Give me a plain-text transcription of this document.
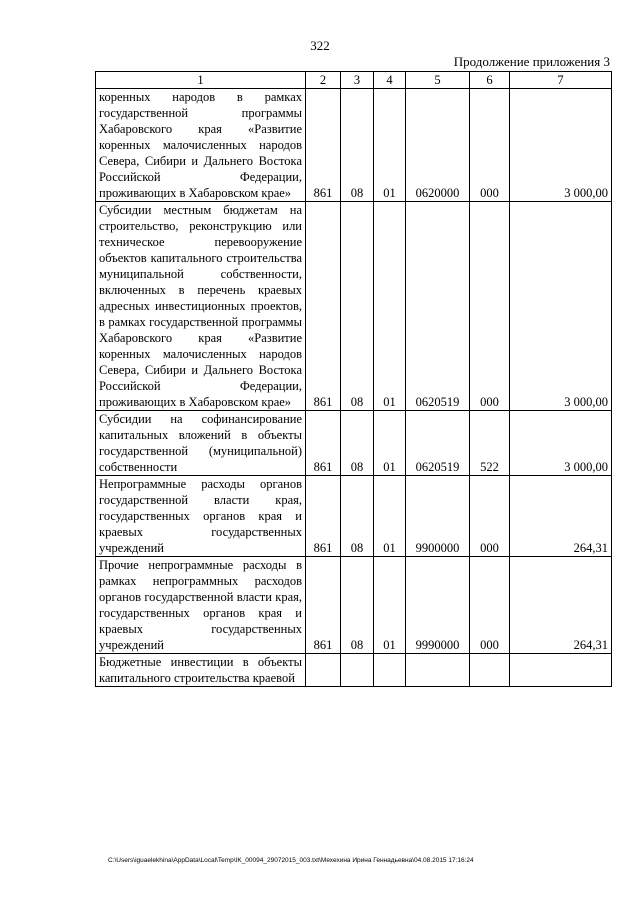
322
Продолжение приложения 3
1	2	3	4	5	6	7
коренных народов в рамках государственной программы Хабаровского края «Развитие коренных малочисленных народов Севера, Сибири и Дальнего Востока Российской Федерации, проживающих в Хабаровском крае»	861	08	01	0620000	000	3 000,00
Субсидии местным бюджетам на строительство, реконструкцию или техническое перевооружение объектов капитального строительства муниципальной собственности, включенных в перечень краевых адресных инвестиционных проектов, в рамках государственной программы Хабаровского края «Развитие коренных малочисленных народов Севера, Сибири и Дальнего Востока Российской Федерации, проживающих в Хабаровском крае»	861	08	01	0620519	000	3 000,00
Субсидии на софинансирование капитальных вложений в объекты государственной (муниципальной) собственности	861	08	01	0620519	522	3 000,00
Непрограммные расходы органов государственной власти края, государственных органов края и краевых государственных учреждений	861	08	01	9900000	000	264,31
Прочие непрограммные расходы в рамках непрограммных расходов органов государственной власти края, государственных органов края и краевых государственных учреждений	861	08	01	9990000	000	264,31
Бюджетные инвестиции в объекты капитального строительства краевой						
C:\Users\iguaelekhina\AppData\Local\Temp\IK_00094_29072015_003.txt\Мехехина Ирина Геннадьевна\04.08.2015 17:16:24
